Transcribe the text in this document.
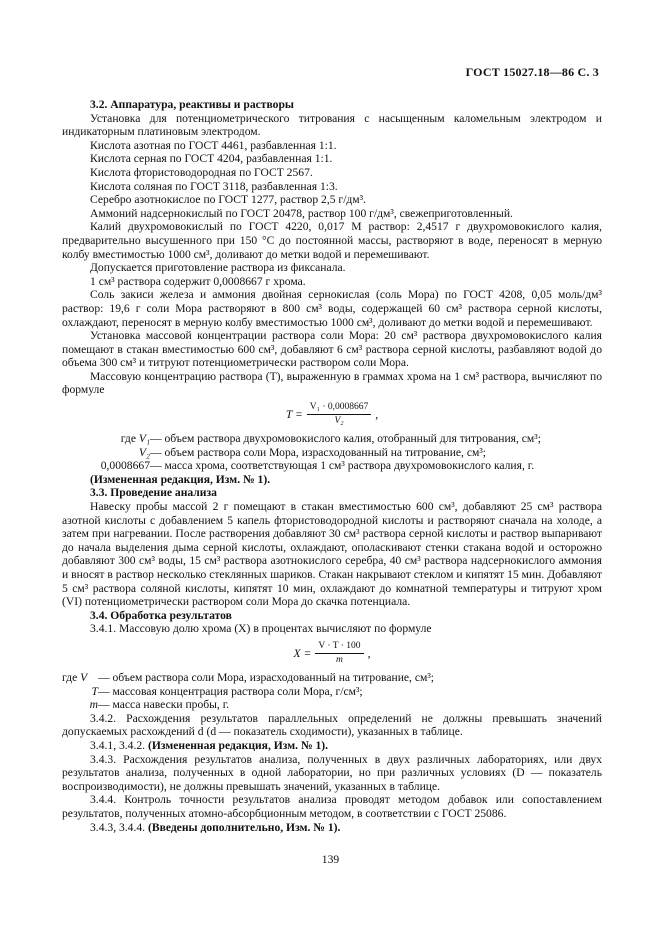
ГОСТ 15027.18—86 С. 3

3.2. Аппаратура, реактивы и растворы

Установка для потенциометрического титрования с насыщенным каломельным электродом и индикаторным платиновым электродом.

Кислота азотная по ГОСТ 4461, разбавленная 1:1.

Кислота серная по ГОСТ 4204, разбавленная 1:1.

Кислота фтористоводородная по ГОСТ 2567.

Кислота соляная по ГОСТ 3118, разбавленная 1:3.

Серебро азотнокислое по ГОСТ 1277, раствор 2,5 г/дм³.

Аммоний надсернокислый по ГОСТ 20478, раствор 100 г/дм³, свежеприготовленный.

Калий двухромовокислый по ГОСТ 4220, 0,017 М раствор: 2,4517 г двухромовокислого калия, предварительно высушенного при 150 °С до постоянной массы, растворяют в воде, переносят в мерную колбу вместимостью 1000 см³, доливают до метки водой и перемешивают.

Допускается приготовление раствора из фиксанала.

1 см³ раствора содержит 0,0008667 г хрома.

Соль закиси железа и аммония двойная сернокислая (соль Мора) по ГОСТ 4208, 0,05 моль/дм³ раствор: 19,6 г соли Мора растворяют в 800 см³ воды, содержащей 60 см³ раствора серной кислоты, охлаждают, переносят в мерную колбу вместимостью 1000 см³, доливают до метки водой и перемешивают.

Установка массовой концентрации раствора соли Мора: 20 см³ раствора двухромовокислого калия помещают в стакан вместимостью 600 см³, добавляют 6 см³ раствора серной кислоты, разбавляют водой до объема 300 см³ и титруют потенциометрически раствором соли Мора.

Массовую концентрацию раствора (T), выраженную в граммах хрома на 1 см³ раствора, вычисляют по формуле

$T = \frac{\text{V₁ · 0,0008667}}{\text{V₂}}$ ,
где V₁ — объем раствора двухромовокислого калия, отобранный для титрования, см³;
V₂ — объем раствора соли Мора, израсходованный на титрование, см³;
0,0008667 — масса хрома, соответствующая 1 см³ раствора двухромовокислого калия, г.

(Измененная редакция, Изм. № 1).

3.3. Проведение анализа

Навеску пробы массой 2 г помещают в стакан вместимостью 600 см³, добавляют 25 см³ раствора азотной кислоты с добавлением 5 капель фтористоводородной кислоты и растворяют сначала на холоде, а затем при нагревании. После растворения добавляют 30 см³ раствора серной кислоты и раствор выпаривают до начала выделения дыма серной кислоты, охлаждают, ополаскивают стенки стакана водой и осторожно добавляют 300 см³ воды, 15 см³ раствора азотнокислого серебра, 40 см³ раствора надсернокислого аммония и вносят в раствор несколько стеклянных шариков. Стакан накрывают стеклом и кипятят 15 мин. Добавляют 5 см³ раствора соляной кислоты, кипятят 10 мин, охлаждают до комнатной температуры и титруют хром (VI) потенциометрически раствором соли Мора до скачка потенциала.

3.4. Обработка результатов

3.4.1. Массовую долю хрома (X) в процентах вычисляют по формуле

$X = \frac{V \cdot T \cdot 100}{m}$ ,
где V — объем раствора соли Мора, израсходованный на титрование, см³;
T — массовая концентрация раствора соли Мора, г/см³;
m — масса навески пробы, г.

3.4.2. Расхождения результатов параллельных определений не должны превышать значений допускаемых расхождений d (d — показатель сходимости), указанных в таблице.

3.4.1, 3.4.2. (Измененная редакция, Изм. № 1).

3.4.3. Расхождения результатов анализа, полученных в двух различных лабораториях, или двух результатов анализа, полученных в одной лаборатории, но при различных условиях (D — показатель воспроизводимости), не должны превышать значений, указанных в таблице.

3.4.4. Контроль точности результатов анализа проводят методом добавок или сопоставлением результатов, полученных атомно-абсорбционным методом, в соответствии с ГОСТ 25086.

3.4.3, 3.4.4. (Введены дополнительно, Изм. № 1).

139
